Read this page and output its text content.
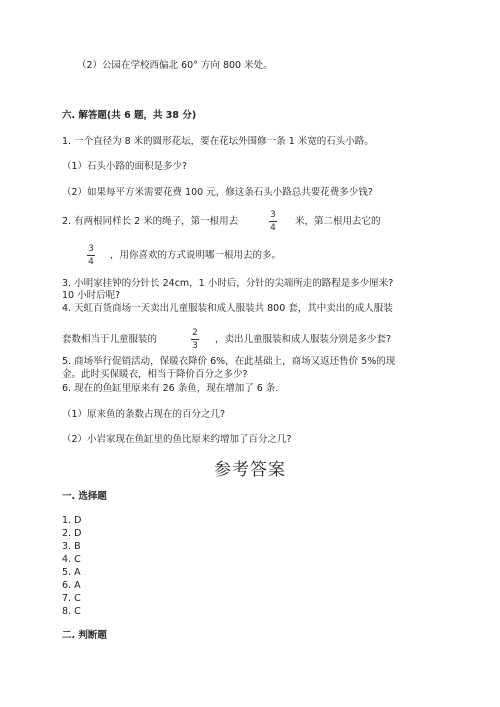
（2）公园在学校西偏北 60° 方向 800 米处。
六. 解答题(共 6 题，共 38 分)
1. 一个直径为 8 米的圆形花坛，要在花坛外围修一条 1 米宽的石头小路。
（1）石头小路的面积是多少?
（2）如果每平方米需要花费 100 元，修这条石头小路总共要花费多少钱?
2. 有两根同样长 2 米的绳子，第一根用去
3
4
米，第二根用去它的
3
4
，用你喜欢的方式说明哪一根用去的多。
3. 小明家挂钟的分针长 24cm，1 小时后，分针的尖端所走的路程是多少厘米?
10 小时后呢?
4. 天虹百货商场一天卖出儿童服装和成人服装共 800 套，其中卖出的成人服装
套数相当于儿童服装的
2
3
，卖出儿童服装和成人服装分别是多少套?
5. 商场举行促销活动，保暖衣降价 6%，在此基础上，商场又返还售价 5%的现
金。此时买保暖衣，相当于降价百分之多少?
6. 现在的鱼缸里原来有 26 条鱼，现在增加了 6 条.
（1）原来鱼的条数占现在的百分之几?
（2）小岩家现在鱼缸里的鱼比原来约增加了百分之几?
参考答案
一. 选择题
1. D
2. D
3. B
4. C
5. A
6. A
7. C
8. C
二. 判断题
